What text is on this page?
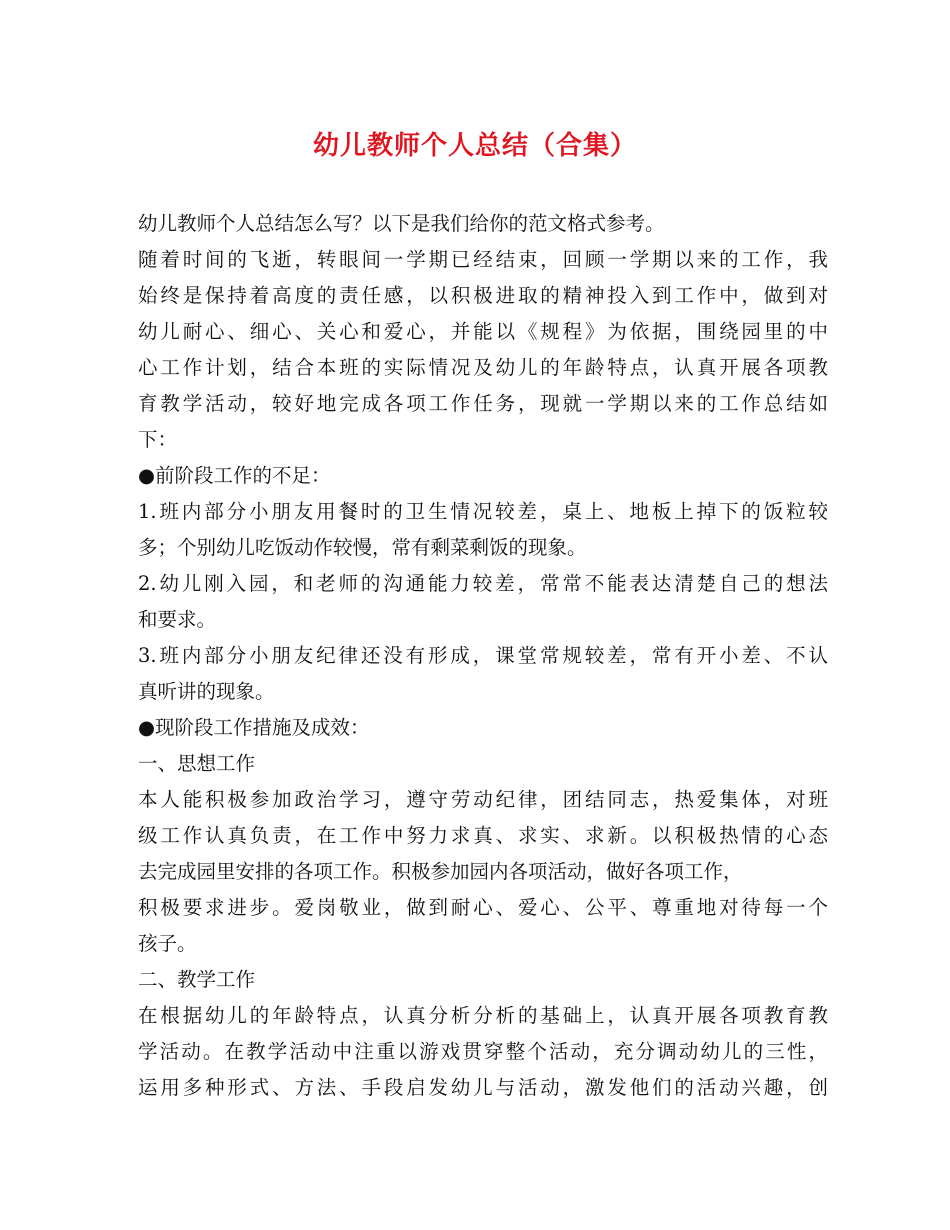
幼儿教师个人总结（合集）
幼儿教师个人总结怎么写？以下是我们给你的范文格式参考。
随着时间的飞逝，转眼间一学期已经结束，回顾一学期以来的工作，我
始终是保持着高度的责任感，以积极进取的精神投入到工作中，做到对
幼儿耐心、细心、关心和爱心，并能以《规程》为依据，围绕园里的中
心工作计划，结合本班的实际情况及幼儿的年龄特点，认真开展各项教
育教学活动，较好地完成各项工作任务，现就一学期以来的工作总结如
下：
●前阶段工作的不足：
1.班内部分小朋友用餐时的卫生情况较差，桌上、地板上掉下的饭粒较
多；个别幼儿吃饭动作较慢，常有剩菜剩饭的现象。
2.幼儿刚入园，和老师的沟通能力较差，常常不能表达清楚自己的想法
和要求。
3.班内部分小朋友纪律还没有形成，课堂常规较差，常有开小差、不认
真听讲的现象。
●现阶段工作措施及成效：
一、思想工作
本人能积极参加政治学习，遵守劳动纪律，团结同志，热爱集体，对班
级工作认真负责，在工作中努力求真、求实、求新。以积极热情的心态
去完成园里安排的各项工作。积极参加园内各项活动，做好各项工作，
积极要求进步。爱岗敬业，做到耐心、爱心、公平、尊重地对待每一个
孩子。
二、教学工作
在根据幼儿的年龄特点，认真分析分析的基础上，认真开展各项教育教
学活动。在教学活动中注重以游戏贯穿整个活动，充分调动幼儿的三性，
运用多种形式、方法、手段启发幼儿与活动，激发他们的活动兴趣，创
